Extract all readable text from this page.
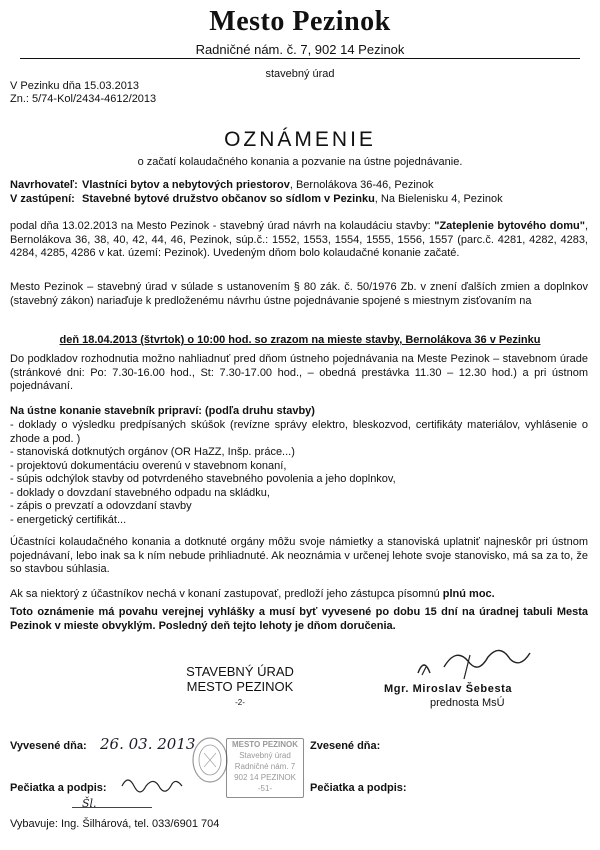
Mesto Pezinok
Radničné nám. č. 7, 902 14 Pezinok
stavebný úrad
V Pezinku dňa 15.03.2013
Zn.: 5/74-Kol/2434-4612/2013
OZNÁMENIE
o začatí kolaudačného konania a pozvanie na ústne pojednávanie.
Navrhovateľ: Vlastníci bytov a nebytových priestorov, Bernolákova 36-46, Pezinok
V zastúpení: Stavebné bytové družstvo občanov so sídlom v Pezinku, Na Bielenisku 4, Pezinok

podal dňa 13.02.2013 na Mesto Pezinok - stavebný úrad návrh na kolaudáciu stavby: "Zateplenie bytového domu", Bernolákova 36, 38, 40, 42, 44, 46, Pezinok, súp.č.: 1552, 1553, 1554, 1555, 1556, 1557 (parc.č. 4281, 4282, 4283, 4284, 4285, 4286 v kat. území: Pezinok). Uvedeným dňom bolo kolaudačné konanie začaté.

Mesto Pezinok – stavebný úrad v súlade s ustanovením § 80 zák. č. 50/1976 Zb. v znení ďalších zmien a doplnkov (stavebný zákon) nariaďuje k predloženému návrhu ústne pojednávanie spojené s miestnym zisťovaním na

deň 18.04.2013 (štvrtok) o 10:00 hod. so zrazom na mieste stavby, Bernolákova 36 v Pezinku

Do podkladov rozhodnutia možno nahliadnuť pred dňom ústneho pojednávania na Meste Pezinok – stavebnom úrade (stránkové dni: Po: 7.30-16.00 hod., St: 7.30-17.00 hod., – obedná prestávka 11.30 – 12.30 hod.) a pri ústnom pojednávaní.

Na ústne konanie stavebník pripraví: (podľa druhu stavby)
- doklady o výsledku predpísaných skúšok (revízne správy elektro, bleskozvod, certifikáty materiálov, vyhlásenie o zhode a pod. )
- stanoviská dotknutých orgánov (OR HaZZ, Inšp. práce...)
- projektovú dokumentáciu overenú v stavebnom konaní,
- súpis odchýlok stavby od potvrdeného stavebného povolenia a jeho doplnkov,
- doklady o dovzdaní stavebného odpadu na skládku,
- zápis o prevzatí a odovzdaní stavby
- energetický certifikát...

Účastníci kolaudačného konania a dotknuté orgány môžu svoje námietky a stanoviská uplatniť najneskôr pri ústnom pojednávaní, lebo inak sa k ním nebude prihliadnuté. Ak neoznámia v určenej lehote svoje stanovisko, má sa za to, že so stavbou súhlasia.

Ak sa niektorý z účastníkov nechá v konaní zastupovať, predloží jeho zástupca písomnú plnú moc.

Toto oznámenie má povahu verejnej vyhlášky a musí byť vyvesené po dobu 15 dní na úradnej tabuli Mesta Pezinok v mieste obvyklým. Posledný deň tejto lehoty je dňom doručenia.

STAVEBNÝ ÚRAD
MESTO PEZINOK
-2-
Mgr. Miroslav Šebesta
prednosta MsÚ
Vyvesené dňa: 26. 03. 2013	Zvesené dňa:
Pečiatka a podpis:	Pečiatka a podpis:
MESTO PEZINOK
Stavebný úrad
Radničné nám. 7
902 14 PEZINOK
-51-
Šl.
Vybavuje: Ing. Šilhárová, tel. 033/6901 704
